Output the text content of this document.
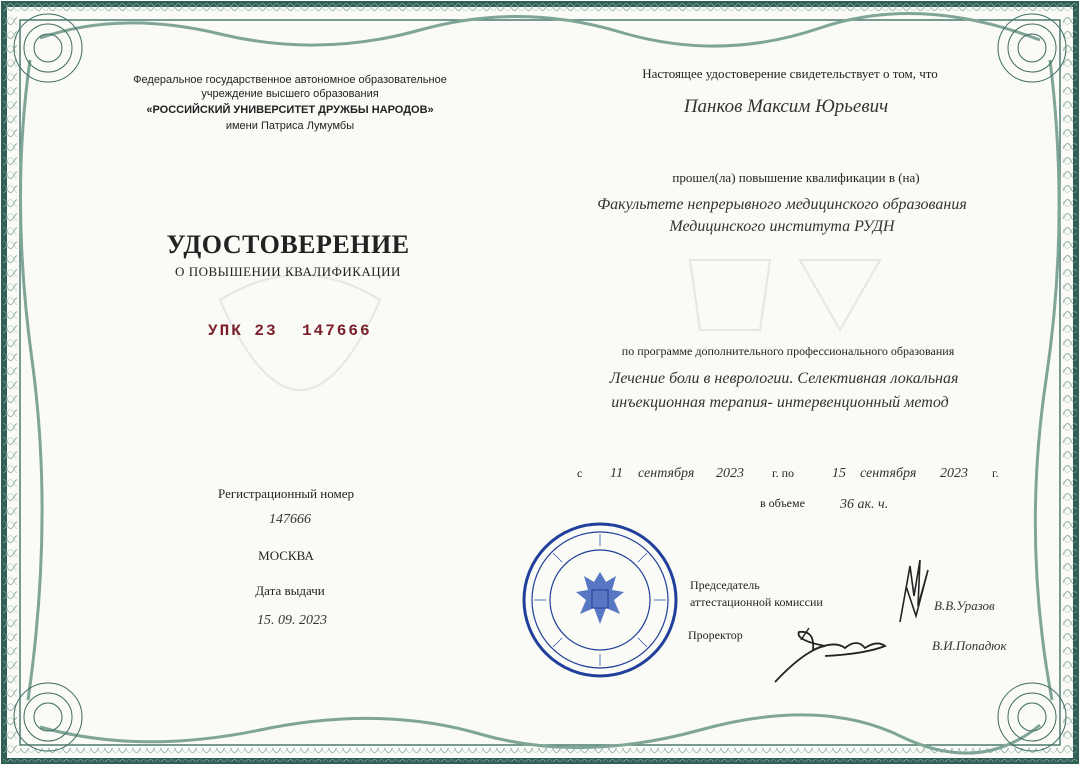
Федеральное государственное автономное образовательное
учреждение высшего образования
«РОССИЙСКИЙ УНИВЕРСИТЕТ ДРУЖБЫ НАРОДОВ»
имени Патриса Лумумбы
УДОСТОВЕРЕНИЕ
О ПОВЫШЕНИИ КВАЛИФИКАЦИИ
УПК 23 147666
Регистрационный номер
147666
МОСКВА
Дата выдачи
15. 09. 2023
Настоящее удостоверение свидетельствует о том, что
Панков Максим Юрьевич
прошел(ла) повышение квалификации в (на)
Факультете непрерывного медицинского образования
Медицинского института РУДН
по программе дополнительного профессионального образования
Лечение боли в неврологии. Селективная локальная
инъекционная терапия- интервенционный метод
с 11 сентября 2023 г. по	15 сентября 2023 г.
в объеме	36 ак. ч.
Председатель
аттестационной комиссии	В.В.Уразов
Проректор
В.И.Попадюк
